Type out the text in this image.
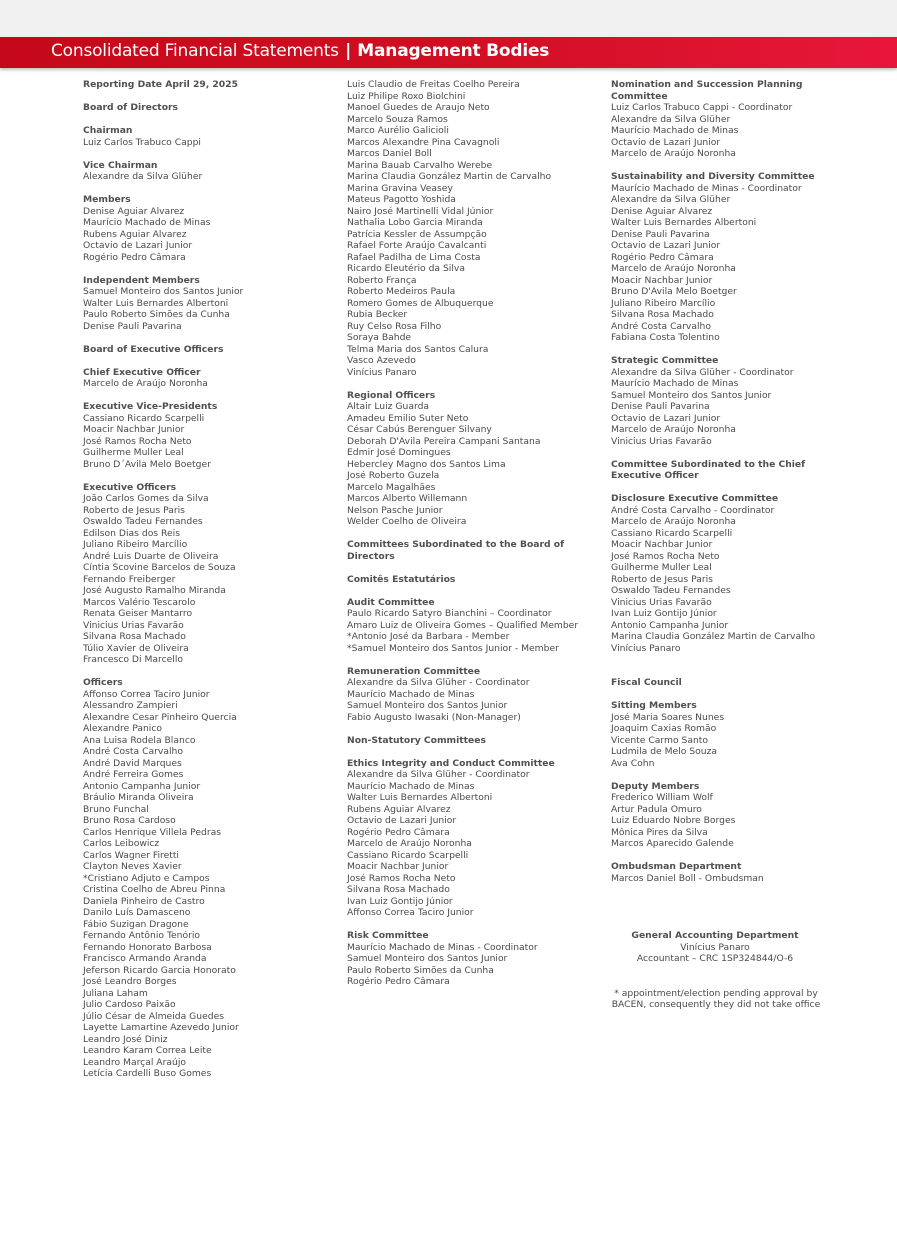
Consolidated Financial Statements | Management Bodies
Reporting Date April 29, 2025
Board of Directors
Chairman
Luiz Carlos Trabuco Cappi
Vice Chairman
Alexandre da Silva Glüher
Members
Denise Aguiar Alvarez
Maurício Machado de Minas
Rubens Aguiar Alvarez
Octavio de Lazari Junior
Rogério Pedro Câmara
Independent Members
Samuel Monteiro dos Santos Junior
Walter Luis Bernardes Albertoni
Paulo Roberto Simões da Cunha
Denise Pauli Pavarina
Board of Executive Officers
Chief Executive Officer
Marcelo de Araújo Noronha
Executive Vice-Presidents
Cassiano Ricardo Scarpelli
Moacir Nachbar Junior
José Ramos Rocha Neto
Guilherme Muller Leal
Bruno D´Avila Melo Boetger
Executive Officers
João Carlos Gomes da Silva
Roberto de Jesus Paris
Oswaldo Tadeu Fernandes
Edilson Dias dos Reis
Juliano Ribeiro Marcílio
André Luis Duarte de Oliveira
Cíntia Scovine Barcelos de Souza
Fernando Freiberger
José Augusto Ramalho Miranda
Marcos Valério Tescarolo
Renata Geiser Mantarro
Vinicius Urias Favarão
Silvana Rosa Machado
Túlio Xavier de Oliveira
Francesco Di Marcello
Officers
Affonso Correa Taciro Junior
Alessandro Zampieri
Alexandre Cesar Pinheiro Quercia
Alexandre Panico
Ana Luisa Rodela Blanco
André Costa Carvalho
André David Marques
André Ferreira Gomes
Antonio Campanha Junior
Bráulio Miranda Oliveira
Bruno Funchal
Bruno Rosa Cardoso
Carlos Henrique Villela Pedras
Carlos Leibowicz
Carlos Wagner Firetti
Clayton Neves Xavier
*Cristiano Adjuto e Campos
Cristina Coelho de Abreu Pinna
Daniela Pinheiro de Castro
Danilo Luís Damasceno
Fábio Suzigan Dragone
Fernando Antônio Tenório
Fernando Honorato Barbosa
Francisco Armando Aranda
Jeferson Ricardo Garcia Honorato
José Leandro Borges
Juliana Laham
Julio Cardoso Paixão
Júlio César de Almeida Guedes
Layette Lamartine Azevedo Junior
Leandro José Diniz
Leandro Karam Correa Leite
Leandro Marçal Araújo
Letícia Cardelli Buso Gomes
Luis Claudio de Freitas Coelho Pereira
Luiz Philipe Roxo Biolchini
Manoel Guedes de Araujo Neto
Marcelo Souza Ramos
Marco Aurélio Galicioli
Marcos Alexandre Pina Cavagnoli
Marcos Daniel Boll
Marina Bauab Carvalho Werebe
Marina Claudia González Martin de Carvalho
Marina Gravina Veasey
Mateus Pagotto Yoshida
Nairo José Martinelli Vidal Júnior
Nathalia Lobo Garcia Miranda
Patrícia Kessler de Assumpção
Rafael Forte Araújo Cavalcanti
Rafael Padilha de Lima Costa
Ricardo Eleutério da Silva
Roberto França
Roberto Medeiros Paula
Romero Gomes de Albuquerque
Rubia Becker
Ruy Celso Rosa Filho
Soraya Bahde
Telma Maria dos Santos Calura
Vasco Azevedo
Vinícius Panaro
Regional Officers
Altair Luiz Guarda
Amadeu Emilio Suter Neto
César Cabús Berenguer Silvany
Deborah D'Avila Pereira Campani Santana
Edmir José Domingues
Hebercley Magno dos Santos Lima
José Roberto Guzela
Marcelo Magalhães
Marcos Alberto Willemann
Nelson Pasche Junior
Welder Coelho de Oliveira
Committees Subordinated to the Board of Directors
Comitês Estatutários
Audit Committee
Paulo Ricardo Satyro Bianchini – Coordinator
Amaro Luiz de Oliveira Gomes – Qualified Member
*Antonio José da Barbara - Member
*Samuel Monteiro dos Santos Junior - Member
Remuneration Committee
Alexandre da Silva Glüher - Coordinator
Maurício Machado de Minas
Samuel Monteiro dos Santos Junior
Fabio Augusto Iwasaki (Non-Manager)
Non-Statutory Committees
Ethics Integrity and Conduct Committee
Alexandre da Silva Glüher - Coordinator
Maurício Machado de Minas
Walter Luis Bernardes Albertoni
Rubens Aguiar Alvarez
Octavio de Lazari Junior
Rogério Pedro Câmara
Marcelo de Araújo Noronha
Cassiano Ricardo Scarpelli
Moacir Nachbar Junior
José Ramos Rocha Neto
Silvana Rosa Machado
Ivan Luiz Gontijo Júnior
Affonso Correa Taciro Junior
Risk Committee
Maurício Machado de Minas - Coordinator
Samuel Monteiro dos Santos Junior
Paulo Roberto Simões da Cunha
Rogério Pedro Câmara
Nomination and Succession Planning Committee
Luiz Carlos Trabuco Cappi - Coordinator
Alexandre da Silva Glüher
Maurício Machado de Minas
Octavio de Lazari Junior
Marcelo de Araújo Noronha
Sustainability and Diversity Committee
Maurício Machado de Minas - Coordinator
Alexandre da Silva Glüher
Denise Aguiar Alvarez
Walter Luis Bernardes Albertoni
Denise Pauli Pavarina
Octavio de Lazari Junior
Rogério Pedro Câmara
Marcelo de Araújo Noronha
Moacir Nachbar Junior
Bruno D'Avila Melo Boetger
Juliano Ribeiro Marcílio
Silvana Rosa Machado
André Costa Carvalho
Fabiana Costa Tolentino
Strategic Committee
Alexandre da Silva Glüher - Coordinator
Maurício Machado de Minas
Samuel Monteiro dos Santos Junior
Denise Pauli Pavarina
Octavio de Lazari Junior
Marcelo de Araújo Noronha
Vinicius Urias Favarão
Committee Subordinated to the Chief Executive Officer
Disclosure Executive Committee
André Costa Carvalho - Coordinator
Marcelo de Araújo Noronha
Cassiano Ricardo Scarpelli
Moacir Nachbar Junior
José Ramos Rocha Neto
Guilherme Muller Leal
Roberto de Jesus Paris
Oswaldo Tadeu Fernandes
Vinicius Urias Favarão
Ivan Luiz Gontijo Júnior
Antonio Campanha Junior
Marina Claudia González Martin de Carvalho
Vinícius Panaro
Fiscal Council
Sitting Members
José Maria Soares Nunes
Joaquim Caxias Romão
Vicente Carmo Santo
Ludmila de Melo Souza
Ava Cohn
Deputy Members
Frederico William Wolf
Artur Padula Omuro
Luiz Eduardo Nobre Borges
Mônica Pires da Silva
Marcos Aparecido Galende
Ombudsman Department
Marcos Daniel Boll - Ombudsman
General Accounting Department
Vinícius Panaro
Accountant – CRC 1SP324844/O-6
* appointment/election pending approval by BACEN, consequently they did not take office
